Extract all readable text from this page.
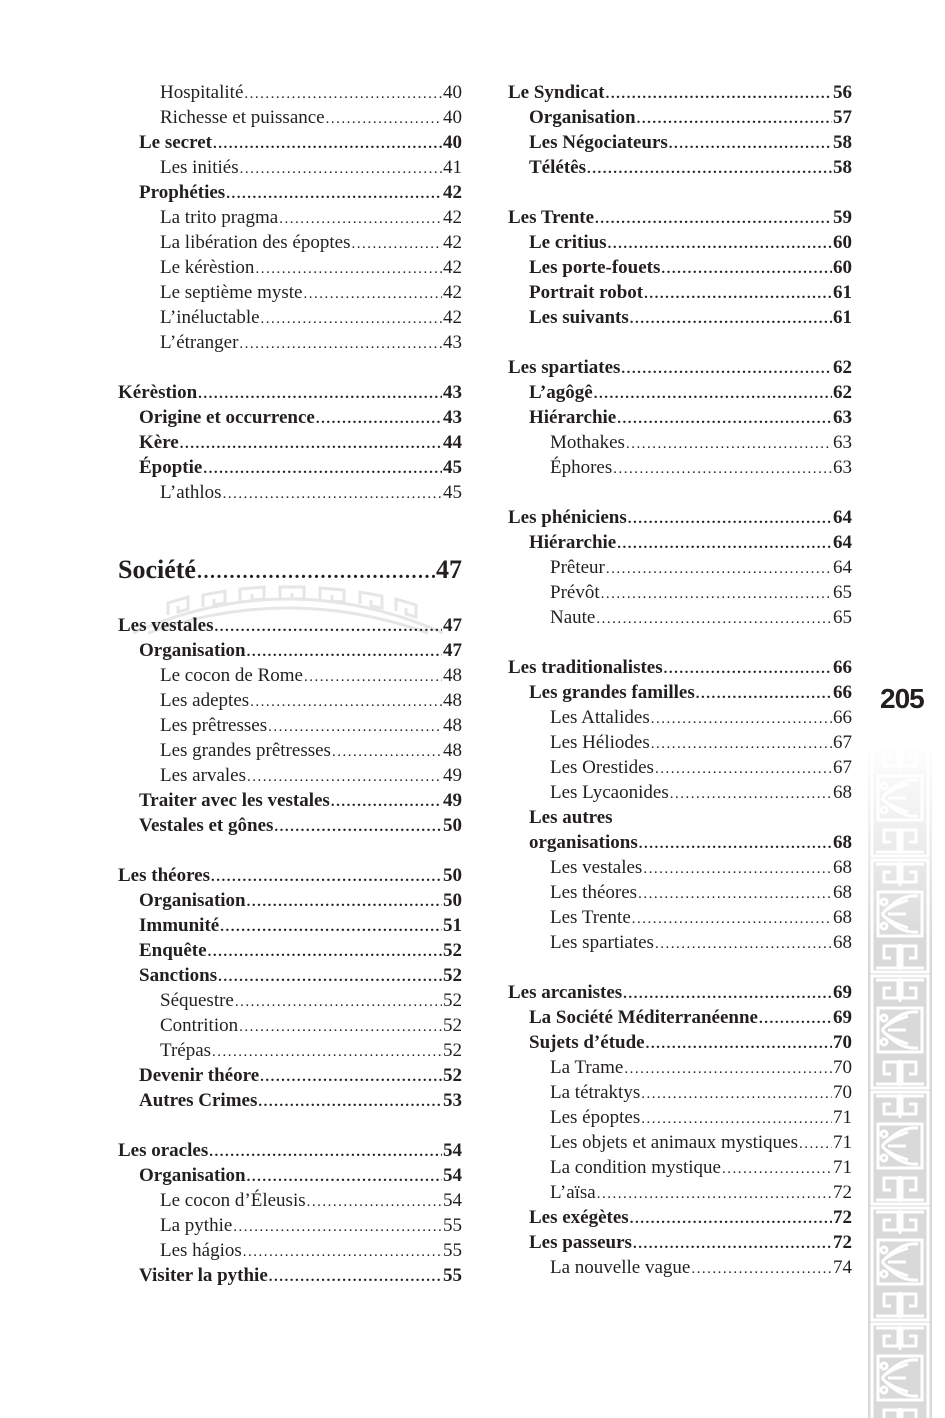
Hospitalité .....	40
Richesse et puissance .....	40
Le secret .....	40
Les initiés .....	41
Prophéties .....	42
La trito pragma .....	42
La libération des époptes .....	42
Le kérèstion .....	42
Le septième myste .....	42
L’inéluctable .....	42
L’étranger .....	43
Kérèstion .....	43
Origine et occurrence .....	43
Kère .....	44
Époptie .....	45
L’athlos .....	45
Société .....	47
Les vestales .....	47
Organisation .....	47
Le cocon de Rome .....	48
Les adeptes .....	48
Les prêtresses .....	48
Les grandes prêtresses .....	48
Les arvales .....	49
Traiter avec les vestales .....	49
Vestales et gônes .....	50
Les théores .....	50
Organisation .....	50
Immunité .....	51
Enquête .....	52
Sanctions .....	52
Séquestre .....	52
Contrition .....	52
Trépas .....	52
Devenir théore .....	52
Autres Crimes .....	53
Les oracles .....	54
Organisation .....	54
Le cocon d’Éleusis .....	54
La pythie .....	55
Les hágios .....	55
Visiter la pythie .....	55
Le Syndicat .....	56
Organisation .....	57
Les Négociateurs .....	58
Télétês .....	58
Les Trente .....	59
Le critius .....	60
Les porte-fouets .....	60
Portrait robot .....	61
Les suivants .....	61
Les spartiates .....	62
L’agôgê .....	62
Hiérarchie .....	63
Mothakes .....	63
Éphores .....	63
Les phéniciens .....	64
Hiérarchie .....	64
Prêteur .....	64
Prévôt .....	65
Naute .....	65
Les traditionalistes .....	66
Les grandes familles .....	66
Les Attalides .....	66
Les Héliodes .....	67
Les Orestides .....	67
Les Lycaonides .....	68
Les autres
organisations .....	68
Les vestales .....	68
Les théores .....	68
Les Trente .....	68
Les spartiates .....	68
Les arcanistes .....	69
La Société Méditerranéenne .....	69
Sujets d’étude .....	70
La Trame .....	70
La tétraktys .....	70
Les époptes .....	71
Les objets et animaux mystiques ..... 71
La condition mystique .....	71
L’aïsa .....	72
Les exégètes .....	72
Les passeurs .....	72
La nouvelle vague .....	74
205
